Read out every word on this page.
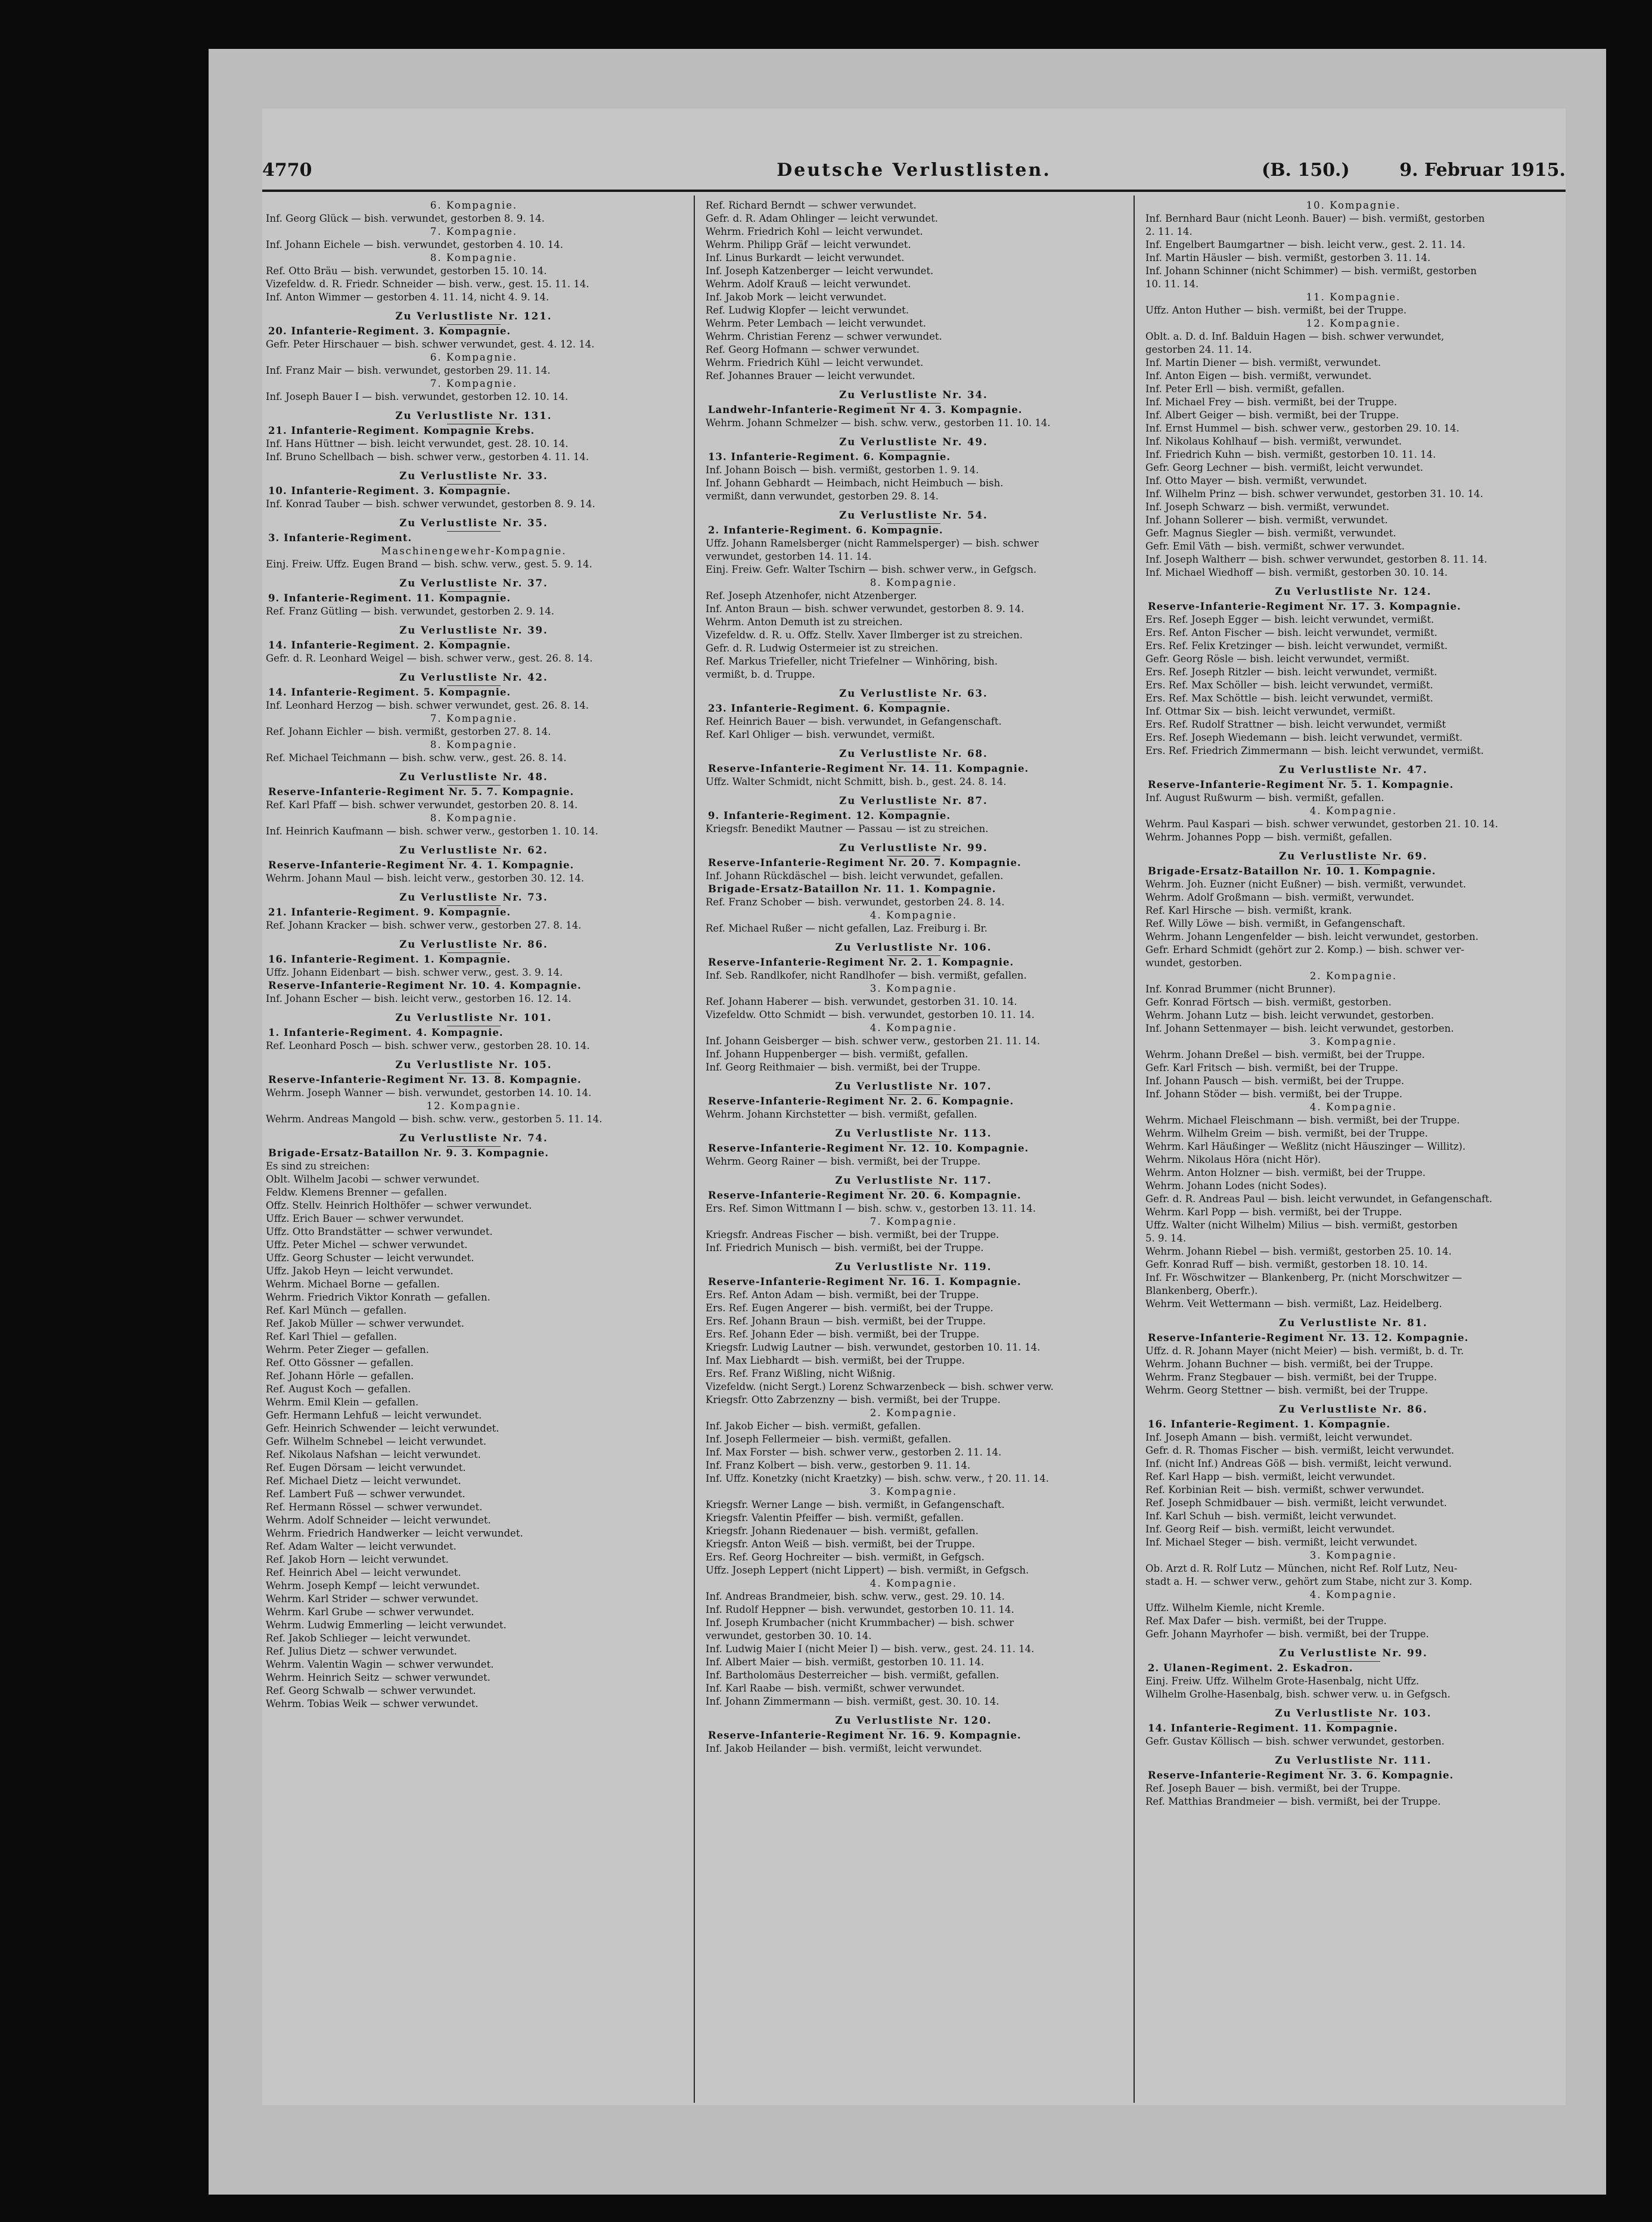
4770	Deutsche Verlustlisten.	(B. 150.)	9. Februar 1915.
6. Kompagnie.
Inf. Georg Glück — bish. verwundet, gestorben 8. 9. 14.
7. Kompagnie.
Inf. Johann Eichele — bish. verwundet, gestorben 4. 10. 14.
8. Kompagnie.
Ref. Otto Bräu — bish. verwundet, gestorben 15. 10. 14.
Vizefeldw. d. R. Friedr. Schneider — bish. verw., gest. 15. 11. 14.
Inf. Anton Wimmer — gestorben 4. 11. 14, nicht 4. 9. 14.
Zu Verlustliste Nr. 121.
20. Infanterie-Regiment. 3. Kompagnie.
Gefr. Peter Hirschauer — bish. schwer verwundet, gest. 4. 12. 14.
6. Kompagnie.
Inf. Franz Mair — bish. verwundet, gestorben 29. 11. 14.
7. Kompagnie.
Inf. Joseph Bauer I — bish. verwundet, gestorben 12. 10. 14.
Zu Verlustliste Nr. 131.
21. Infanterie-Regiment. Kompagnie Krebs.
Inf. Hans Hüttner — bish. leicht verwundet, gest. 28. 10. 14.
Inf. Bruno Schellbach — bish. schwer verw., gestorben 4. 11. 14.
Zu Verlustliste Nr. 33.
10. Infanterie-Regiment. 3. Kompagnie.
Inf. Konrad Tauber — bish. schwer verwundet, gestorben 8. 9. 14.
Zu Verlustliste Nr. 35.
3. Infanterie-Regiment.
Maschinengewehr-Kompagnie.
Einj. Freiw. Uffz. Eugen Brand — bish. schw. verw., gest. 5. 9. 14.
Zu Verlustliste Nr. 37.
9. Infanterie-Regiment. 11. Kompagnie.
Ref. Franz Gütling — bish. verwundet, gestorben 2. 9. 14.
Zu Verlustliste Nr. 39.
14. Infanterie-Regiment. 2. Kompagnie.
Gefr. d. R. Leonhard Weigel — bish. schwer verw., gest. 26. 8. 14.
Zu Verlustliste Nr. 42.
14. Infanterie-Regiment. 5. Kompagnie.
Inf. Leonhard Herzog — bish. schwer verwundet, gest. 26. 8. 14.
7. Kompagnie.
Ref. Johann Eichler — bish. vermißt, gestorben 27. 8. 14.
8. Kompagnie.
Ref. Michael Teichmann — bish. schw. verw., gest. 26. 8. 14.
Zu Verlustliste Nr. 48.
Reserve-Infanterie-Regiment Nr. 5. 7. Kompagnie.
Ref. Karl Pfaff — bish. schwer verwundet, gestorben 20. 8. 14.
8. Kompagnie.
Inf. Heinrich Kaufmann — bish. schwer verw., gestorben 1. 10. 14.
Zu Verlustliste Nr. 62.
Reserve-Infanterie-Regiment Nr. 4. 1. Kompagnie.
Wehrm. Johann Maul — bish. leicht verw., gestorben 30. 12. 14.
Zu Verlustliste Nr. 73.
21. Infanterie-Regiment. 9. Kompagnie.
Ref. Johann Kracker — bish. schwer verw., gestorben 27. 8. 14.
Zu Verlustliste Nr. 86.
16. Infanterie-Regiment. 1. Kompagnie.
Uffz. Johann Eidenbart — bish. schwer verw., gest. 3. 9. 14.
Reserve-Infanterie-Regiment Nr. 10. 4. Kompagnie.
Inf. Johann Escher — bish. leicht verw., gestorben 16. 12. 14.
Zu Verlustliste Nr. 101.
1. Infanterie-Regiment. 4. Kompagnie.
Ref. Leonhard Posch — bish. schwer verw., gestorben 28. 10. 14.
Zu Verlustliste Nr. 105.
Reserve-Infanterie-Regiment Nr. 13. 8. Kompagnie.
Wehrm. Joseph Wanner — bish. verwundet, gestorben 14. 10. 14.
12. Kompagnie.
Wehrm. Andreas Mangold — bish. schw. verw., gestorben 5. 11. 14.
Zu Verlustliste Nr. 74.
Brigade-Ersatz-Bataillon Nr. 9. 3. Kompagnie.
Es sind zu streichen:
Oblt. Wilhelm Jacobi — schwer verwundet.
Feldw. Klemens Brenner — gefallen.
Offz. Stellv. Heinrich Holthöfer — schwer verwundet.
Uffz. Erich Bauer — schwer verwundet.
Uffz. Otto Brandstätter — schwer verwundet.
Uffz. Peter Michel — schwer verwundet.
Uffz. Georg Schuster — leicht verwundet.
Uffz. Jakob Heyn — leicht verwundet.
Wehrm. Michael Borne — gefallen.
Wehrm. Friedrich Viktor Konrath — gefallen.
Ref. Karl Münch — gefallen.
Ref. Jakob Müller — schwer verwundet.
Ref. Karl Thiel — gefallen.
Wehrm. Peter Zieger — gefallen.
Ref. Otto Gössner — gefallen.
Ref. Johann Hörle — gefallen.
Ref. August Koch — gefallen.
Wehrm. Emil Klein — gefallen.
Gefr. Hermann Lehfuß — leicht verwundet.
Gefr. Heinrich Schwender — leicht verwundet.
Gefr. Wilhelm Schnebel — leicht verwundet.
Ref. Nikolaus Nafshan — leicht verwundet.
Ref. Eugen Dörsam — leicht verwundet.
Ref. Michael Dietz — leicht verwundet.
Ref. Lambert Fuß — schwer verwundet.
Ref. Hermann Rössel — schwer verwundet.
Wehrm. Adolf Schneider — leicht verwundet.
Wehrm. Friedrich Handwerker — leicht verwundet.
Ref. Adam Walter — leicht verwundet.
Ref. Jakob Horn — leicht verwundet.
Ref. Heinrich Abel — leicht verwundet.
Wehrm. Joseph Kempf — leicht verwundet.
Wehrm. Karl Strider — schwer verwundet.
Wehrm. Karl Grube — schwer verwundet.
Wehrm. Ludwig Emmerling — leicht verwundet.
Ref. Jakob Schlieger — leicht verwundet.
Ref. Julius Dietz — schwer verwundet.
Wehrm. Valentin Wagin — schwer verwundet.
Wehrm. Heinrich Seitz — schwer verwundet.
Ref. Georg Schwalb — schwer verwundet.
Wehrm. Tobias Weik — schwer verwundet.
Ref. Richard Berndt — schwer verwundet.
Gefr. d. R. Adam Ohlinger — leicht verwundet.
Wehrm. Friedrich Kohl — leicht verwundet.
Wehrm. Philipp Gräf — leicht verwundet.
Inf. Linus Burkardt — leicht verwundet.
Inf. Joseph Katzenberger — leicht verwundet.
Wehrm. Adolf Krauß — leicht verwundet.
Inf. Jakob Mork — leicht verwundet.
Ref. Ludwig Klopfer — leicht verwundet.
Wehrm. Peter Lembach — leicht verwundet.
Wehrm. Christian Ferenz — schwer verwundet.
Ref. Georg Hofmann — schwer verwundet.
Wehrm. Friedrich Kühl — leicht verwundet.
Ref. Johannes Brauer — leicht verwundet.
Zu Verlustliste Nr. 34.
Landwehr-Infanterie-Regiment Nr 4. 3. Kompagnie.
Wehrm. Johann Schmelzer — bish. schw. verw., gestorben 11. 10. 14.
Zu Verlustliste Nr. 49.
13. Infanterie-Regiment. 6. Kompagnie.
Inf. Johann Boisch — bish. vermißt, gestorben 1. 9. 14.
Inf. Johann Gebhardt — Heimbach, nicht Heimbuch — bish.
vermißt, dann verwundet, gestorben 29. 8. 14.
Zu Verlustliste Nr. 54.
2. Infanterie-Regiment. 6. Kompagnie.
Uffz. Johann Ramelsberger (nicht Rammelsperger) — bish. schwer
verwundet, gestorben 14. 11. 14.
Einj. Freiw. Gefr. Walter Tschirn — bish. schwer verw., in Gefgsch.
8. Kompagnie.
Ref. Joseph Atzenhofer, nicht Atzenberger.
Inf. Anton Braun — bish. schwer verwundet, gestorben 8. 9. 14.
Wehrm. Anton Demuth ist zu streichen.
Vizefeldw. d. R. u. Offz. Stellv. Xaver Ilmberger ist zu streichen.
Gefr. d. R. Ludwig Ostermeier ist zu streichen.
Ref. Markus Triefeller, nicht Triefelner — Winhöring, bish.
vermißt, b. d. Truppe.
Zu Verlustliste Nr. 63.
23. Infanterie-Regiment. 6. Kompagnie.
Ref. Heinrich Bauer — bish. verwundet, in Gefangenschaft.
Ref. Karl Ohliger — bish. verwundet, vermißt.
Zu Verlustliste Nr. 68.
Reserve-Infanterie-Regiment Nr. 14. 11. Kompagnie.
Uffz. Walter Schmidt, nicht Schmitt, bish. b., gest. 24. 8. 14.
Zu Verlustliste Nr. 87.
9. Infanterie-Regiment. 12. Kompagnie.
Kriegsfr. Benedikt Mautner — Passau — ist zu streichen.
Zu Verlustliste Nr. 99.
Reserve-Infanterie-Regiment Nr. 20. 7. Kompagnie.
Inf. Johann Rückdäschel — bish. leicht verwundet, gefallen.
Brigade-Ersatz-Bataillon Nr. 11. 1. Kompagnie.
Ref. Franz Schober — bish. verwundet, gestorben 24. 8. 14.
4. Kompagnie.
Ref. Michael Rußer — nicht gefallen, Laz. Freiburg i. Br.
Zu Verlustliste Nr. 106.
Reserve-Infanterie-Regiment Nr. 2. 1. Kompagnie.
Inf. Seb. Randlkofer, nicht Randlhofer — bish. vermißt, gefallen.
3. Kompagnie.
Ref. Johann Haberer — bish. verwundet, gestorben 31. 10. 14.
Vizefeldw. Otto Schmidt — bish. verwundet, gestorben 10. 11. 14.
4. Kompagnie.
Inf. Johann Geisberger — bish. schwer verw., gestorben 21. 11. 14.
Inf. Johann Huppenberger — bish. vermißt, gefallen.
Inf. Georg Reithmaier — bish. vermißt, bei der Truppe.
Zu Verlustliste Nr. 107.
Reserve-Infanterie-Regiment Nr. 2. 6. Kompagnie.
Wehrm. Johann Kirchstetter — bish. vermißt, gefallen.
Zu Verlustliste Nr. 113.
Reserve-Infanterie-Regiment Nr. 12. 10. Kompagnie.
Wehrm. Georg Rainer — bish. vermißt, bei der Truppe.
Zu Verlustliste Nr. 117.
Reserve-Infanterie-Regiment Nr. 20. 6. Kompagnie.
Ers. Ref. Simon Wittmann I — bish. schw. v., gestorben 13. 11. 14.
7. Kompagnie.
Kriegsfr. Andreas Fischer — bish. vermißt, bei der Truppe.
Inf. Friedrich Munisch — bish. vermißt, bei der Truppe.
Zu Verlustliste Nr. 119.
Reserve-Infanterie-Regiment Nr. 16. 1. Kompagnie.
Ers. Ref. Anton Adam — bish. vermißt, bei der Truppe.
Ers. Ref. Eugen Angerer — bish. vermißt, bei der Truppe.
Ers. Ref. Johann Braun — bish. vermißt, bei der Truppe.
Ers. Ref. Johann Eder — bish. vermißt, bei der Truppe.
Kriegsfr. Ludwig Lautner — bish. verwundet, gestorben 10. 11. 14.
Inf. Max Liebhardt — bish. vermißt, bei der Truppe.
Ers. Ref. Franz Wißling, nicht Wißnig.
Vizefeldw. (nicht Sergt.) Lorenz Schwarzenbeck — bish. schwer verw.
Kriegsfr. Otto Zabrzenzny — bish. vermißt, bei der Truppe.
2. Kompagnie.
Inf. Jakob Eicher — bish. vermißt, gefallen.
Inf. Joseph Fellermeier — bish. vermißt, gefallen.
Inf. Max Forster — bish. schwer verw., gestorben 2. 11. 14.
Inf. Franz Kolbert — bish. verw., gestorben 9. 11. 14.
Inf. Uffz. Konetzky (nicht Kraetzky) — bish. schw. verw., † 20. 11. 14.
3. Kompagnie.
Kriegsfr. Werner Lange — bish. vermißt, in Gefangenschaft.
Kriegsfr. Valentin Pfeiffer — bish. vermißt, gefallen.
Kriegsfr. Johann Riedenauer — bish. vermißt, gefallen.
Kriegsfr. Anton Weiß — bish. vermißt, bei der Truppe.
Ers. Ref. Georg Hochreiter — bish. vermißt, in Gefgsch.
Uffz. Joseph Leppert (nicht Lippert) — bish. vermißt, in Gefgsch.
4. Kompagnie.
Inf. Andreas Brandmeier, bish. schw. verw., gest. 29. 10. 14.
Inf. Rudolf Heppner — bish. verwundet, gestorben 10. 11. 14.
Inf. Joseph Krumbacher (nicht Krummbacher) — bish. schwer
verwundet, gestorben 30. 10. 14.
Inf. Ludwig Maier I (nicht Meier I) — bish. verw., gest. 24. 11. 14.
Inf. Albert Maier — bish. vermißt, gestorben 10. 11. 14.
Inf. Bartholomäus Desterreicher — bish. vermißt, gefallen.
Inf. Karl Raabe — bish. vermißt, schwer verwundet.
Inf. Johann Zimmermann — bish. vermißt, gest. 30. 10. 14.
Zu Verlustliste Nr. 120.
Reserve-Infanterie-Regiment Nr. 16. 9. Kompagnie.
Inf. Jakob Heilander — bish. vermißt, leicht verwundet.
10. Kompagnie.
Inf. Bernhard Baur (nicht Leonh. Bauer) — bish. vermißt, gestorben
2. 11. 14.
Inf. Engelbert Baumgartner — bish. leicht verw., gest. 2. 11. 14.
Inf. Martin Häusler — bish. vermißt, gestorben 3. 11. 14.
Inf. Johann Schinner (nicht Schimmer) — bish. vermißt, gestorben
10. 11. 14.
11. Kompagnie.
Uffz. Anton Huther — bish. vermißt, bei der Truppe.
12. Kompagnie.
Oblt. a. D. d. Inf. Balduin Hagen — bish. schwer verwundet,
gestorben 24. 11. 14.
Inf. Martin Diener — bish. vermißt, verwundet.
Inf. Anton Eigen — bish. vermißt, verwundet.
Inf. Peter Erll — bish. vermißt, gefallen.
Inf. Michael Frey — bish. vermißt, bei der Truppe.
Inf. Albert Geiger — bish. vermißt, bei der Truppe.
Inf. Ernst Hummel — bish. schwer verw., gestorben 29. 10. 14.
Inf. Nikolaus Kohlhauf — bish. vermißt, verwundet.
Inf. Friedrich Kuhn — bish. vermißt, gestorben 10. 11. 14.
Gefr. Georg Lechner — bish. vermißt, leicht verwundet.
Inf. Otto Mayer — bish. vermißt, verwundet.
Inf. Wilhelm Prinz — bish. schwer verwundet, gestorben 31. 10. 14.
Inf. Joseph Schwarz — bish. vermißt, verwundet.
Inf. Johann Sollerer — bish. vermißt, verwundet.
Gefr. Magnus Siegler — bish. vermißt, verwundet.
Gefr. Emil Väth — bish. vermißt, schwer verwundet.
Inf. Joseph Waltherr — bish. schwer verwundet, gestorben 8. 11. 14.
Inf. Michael Wiedhoff — bish. vermißt, gestorben 30. 10. 14.
Zu Verlustliste Nr. 124.
Reserve-Infanterie-Regiment Nr. 17. 3. Kompagnie.
Ers. Ref. Joseph Egger — bish. leicht verwundet, vermißt.
Ers. Ref. Anton Fischer — bish. leicht verwundet, vermißt.
Ers. Ref. Felix Kretzinger — bish. leicht verwundet, vermißt.
Gefr. Georg Rösle — bish. leicht verwundet, vermißt.
Ers. Ref. Joseph Ritzler — bish. leicht verwundet, vermißt.
Ers. Ref. Max Schöller — bish. leicht verwundet, vermißt.
Ers. Ref. Max Schöttle — bish. leicht verwundet, vermißt.
Inf. Ottmar Six — bish. leicht verwundet, vermißt.
Ers. Ref. Rudolf Strattner — bish. leicht verwundet, vermißt
Ers. Ref. Joseph Wiedemann — bish. leicht verwundet, vermißt.
Ers. Ref. Friedrich Zimmermann — bish. leicht verwundet, vermißt.
Zu Verlustliste Nr. 47.
Reserve-Infanterie-Regiment Nr. 5. 1. Kompagnie.
Inf. August Rußwurm — bish. vermißt, gefallen.
4. Kompagnie.
Wehrm. Paul Kaspari — bish. schwer verwundet, gestorben 21. 10. 14.
Wehrm. Johannes Popp — bish. vermißt, gefallen.
Zu Verlustliste Nr. 69.
Brigade-Ersatz-Bataillon Nr. 10. 1. Kompagnie.
Wehrm. Joh. Euzner (nicht Eußner) — bish. vermißt, verwundet.
Wehrm. Adolf Großmann — bish. vermißt, verwundet.
Ref. Karl Hirsche — bish. vermißt, krank.
Ref. Willy Löwe — bish. vermißt, in Gefangenschaft.
Wehrm. Johann Lengenfelder — bish. leicht verwundet, gestorben.
Gefr. Erhard Schmidt (gehört zur 2. Komp.) — bish. schwer ver-
wundet, gestorben.
2. Kompagnie.
Inf. Konrad Brummer (nicht Brunner).
Gefr. Konrad Förtsch — bish. vermißt, gestorben.
Wehrm. Johann Lutz — bish. leicht verwundet, gestorben.
Inf. Johann Settenmayer — bish. leicht verwundet, gestorben.
3. Kompagnie.
Wehrm. Johann Dreßel — bish. vermißt, bei der Truppe.
Gefr. Karl Fritsch — bish. vermißt, bei der Truppe.
Inf. Johann Pausch — bish. vermißt, bei der Truppe.
Inf. Johann Stöder — bish. vermißt, bei der Truppe.
4. Kompagnie.
Wehrm. Michael Fleischmann — bish. vermißt, bei der Truppe.
Wehrm. Wilhelm Greim — bish. vermißt, bei der Truppe.
Wehrm. Karl Häußinger — Weßlitz (nicht Häuszinger — Willitz).
Wehrm. Nikolaus Höra (nicht Hör).
Wehrm. Anton Holzner — bish. vermißt, bei der Truppe.
Wehrm. Johann Lodes (nicht Sodes).
Gefr. d. R. Andreas Paul — bish. leicht verwundet, in Gefangenschaft.
Wehrm. Karl Popp — bish. vermißt, bei der Truppe.
Uffz. Walter (nicht Wilhelm) Milius — bish. vermißt, gestorben
5. 9. 14.
Wehrm. Johann Riebel — bish. vermißt, gestorben 25. 10. 14.
Gefr. Konrad Ruff — bish. vermißt, gestorben 18. 10. 14.
Inf. Fr. Wöschwitzer — Blankenberg, Pr. (nicht Morschwitzer —
Blankenberg, Oberfr.).
Wehrm. Veit Wettermann — bish. vermißt, Laz. Heidelberg.
Zu Verlustliste Nr. 81.
Reserve-Infanterie-Regiment Nr. 13. 12. Kompagnie.
Uffz. d. R. Johann Mayer (nicht Meier) — bish. vermißt, b. d. Tr.
Wehrm. Johann Buchner — bish. vermißt, bei der Truppe.
Wehrm. Franz Stegbauer — bish. vermißt, bei der Truppe.
Wehrm. Georg Stettner — bish. vermißt, bei der Truppe.
Zu Verlustliste Nr. 86.
16. Infanterie-Regiment. 1. Kompagnie.
Inf. Joseph Amann — bish. vermißt, leicht verwundet.
Gefr. d. R. Thomas Fischer — bish. vermißt, leicht verwundet.
Inf. (nicht Inf.) Andreas Göß — bish. vermißt, leicht verwund.
Ref. Karl Happ — bish. vermißt, leicht verwundet.
Ref. Korbinian Reit — bish. vermißt, schwer verwundet.
Ref. Joseph Schmidbauer — bish. vermißt, leicht verwundet.
Inf. Karl Schuh — bish. vermißt, leicht verwundet.
Inf. Georg Reif — bish. vermißt, leicht verwundet.
Inf. Michael Steger — bish. vermißt, leicht verwundet.
3. Kompagnie.
Ob. Arzt d. R. Rolf Lutz — München, nicht Ref. Rolf Lutz, Neu-
stadt a. H. — schwer verw., gehört zum Stabe, nicht zur 3. Komp.
4. Kompagnie.
Uffz. Wilhelm Kiemle, nicht Kremle.
Ref. Max Dafer — bish. vermißt, bei der Truppe.
Gefr. Johann Mayrhofer — bish. vermißt, bei der Truppe.
Zu Verlustliste Nr. 99.
2. Ulanen-Regiment. 2. Eskadron.
Einj. Freiw. Uffz. Wilhelm Grote-Hasenbalg, nicht Uffz.
Wilhelm Grolhe-Hasenbalg, bish. schwer verw. u. in Gefgsch.
Zu Verlustliste Nr. 103.
14. Infanterie-Regiment. 11. Kompagnie.
Gefr. Gustav Köllisch — bish. schwer verwundet, gestorben.
Zu Verlustliste Nr. 111.
Reserve-Infanterie-Regiment Nr. 3. 6. Kompagnie.
Ref. Joseph Bauer — bish. vermißt, bei der Truppe.
Ref. Matthias Brandmeier — bish. vermißt, bei der Truppe.
